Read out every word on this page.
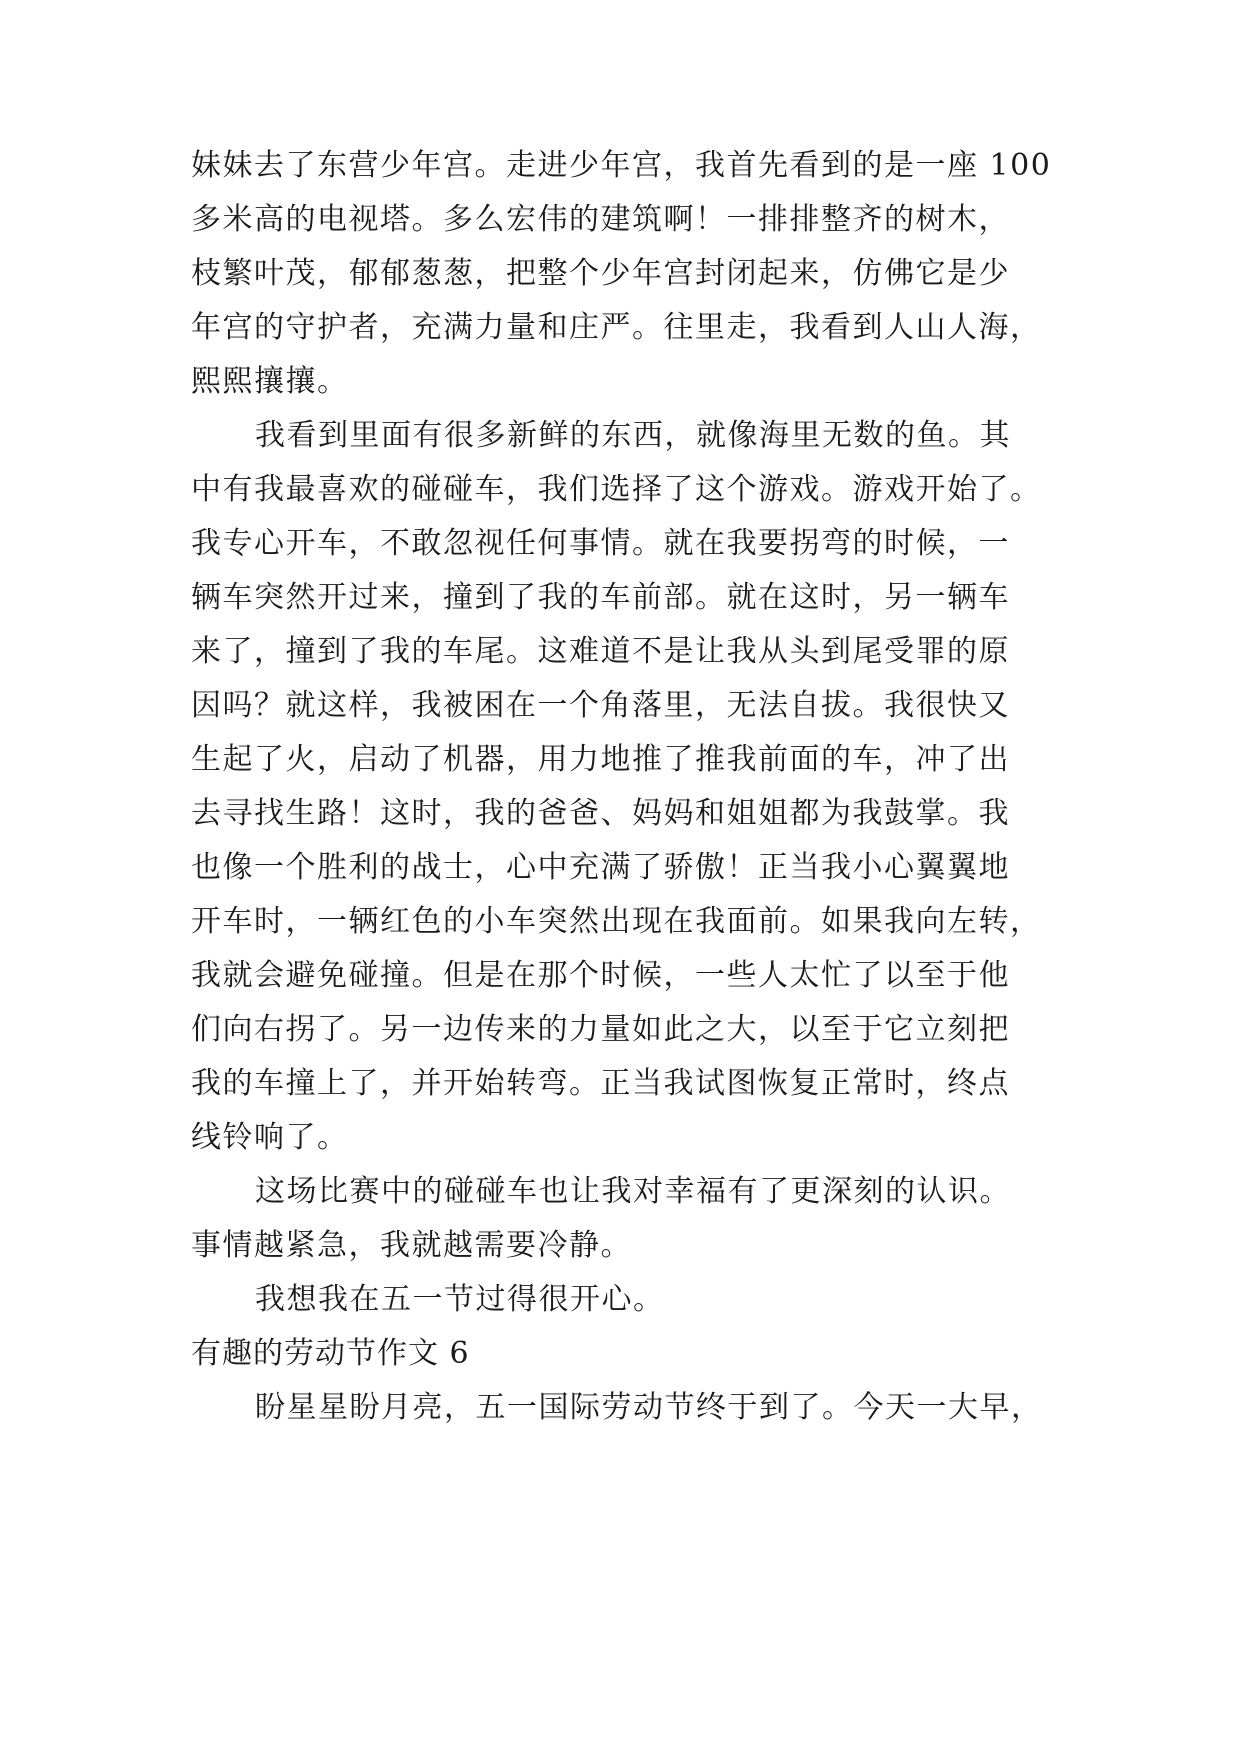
妹妹去了东营少年宫。走进少年宫，我首先看到的是一座 100
多米高的电视塔。多么宏伟的建筑啊！一排排整齐的树木，
枝繁叶茂，郁郁葱葱，把整个少年宫封闭起来，仿佛它是少
年宫的守护者，充满力量和庄严。往里走，我看到人山人海，
熙熙攘攘。
我看到里面有很多新鲜的东西，就像海里无数的鱼。其
中有我最喜欢的碰碰车，我们选择了这个游戏。游戏开始了。
我专心开车，不敢忽视任何事情。就在我要拐弯的时候，一
辆车突然开过来，撞到了我的车前部。就在这时，另一辆车
来了，撞到了我的车尾。这难道不是让我从头到尾受罪的原
因吗？就这样，我被困在一个角落里，无法自拔。我很快又
生起了火，启动了机器，用力地推了推我前面的车，冲了出
去寻找生路！这时，我的爸爸、妈妈和姐姐都为我鼓掌。我
也像一个胜利的战士，心中充满了骄傲！正当我小心翼翼地
开车时，一辆红色的小车突然出现在我面前。如果我向左转，
我就会避免碰撞。但是在那个时候，一些人太忙了以至于他
们向右拐了。另一边传来的力量如此之大，以至于它立刻把
我的车撞上了，并开始转弯。正当我试图恢复正常时，终点
线铃响了。
这场比赛中的碰碰车也让我对幸福有了更深刻的认识。
事情越紧急，我就越需要冷静。
我想我在五一节过得很开心。
有趣的劳动节作文 6
盼星星盼月亮，五一国际劳动节终于到了。今天一大早，
